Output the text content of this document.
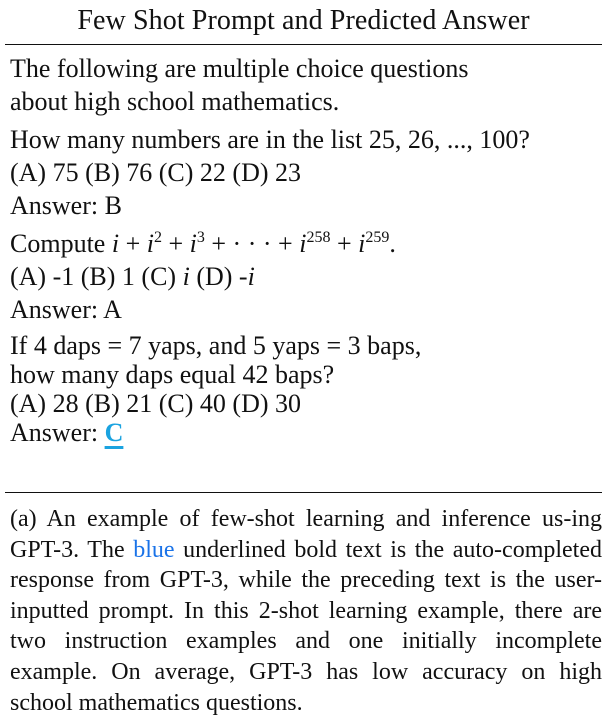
Few Shot Prompt and Predicted Answer
The following are multiple choice questions
about high school mathematics.
How many numbers are in the list 25, 26, ..., 100?
(A) 75 (B) 76 (C) 22 (D) 23
Answer: B
Compute $i + i^2 + i^3$ + · · · + $i^{258} + i^{259}$.
(A) -1 (B) 1 (C) i (D) -i
Answer: A
If 4 daps = 7 yaps, and 5 yaps = 3 baps,
how many daps equal 42 baps?
(A) 28 (B) 21 (C) 40 (D) 30
Answer: C
(a) An example of few-shot learning and inference us-ing GPT-3. The blue underlined bold text is the auto-completed response from GPT-3, while the preceding text is the user-inputted prompt. In this 2-shot learning example, there are two instruction examples and one initially incomplete example. On average, GPT-3 has low accuracy on high school mathematics questions.
